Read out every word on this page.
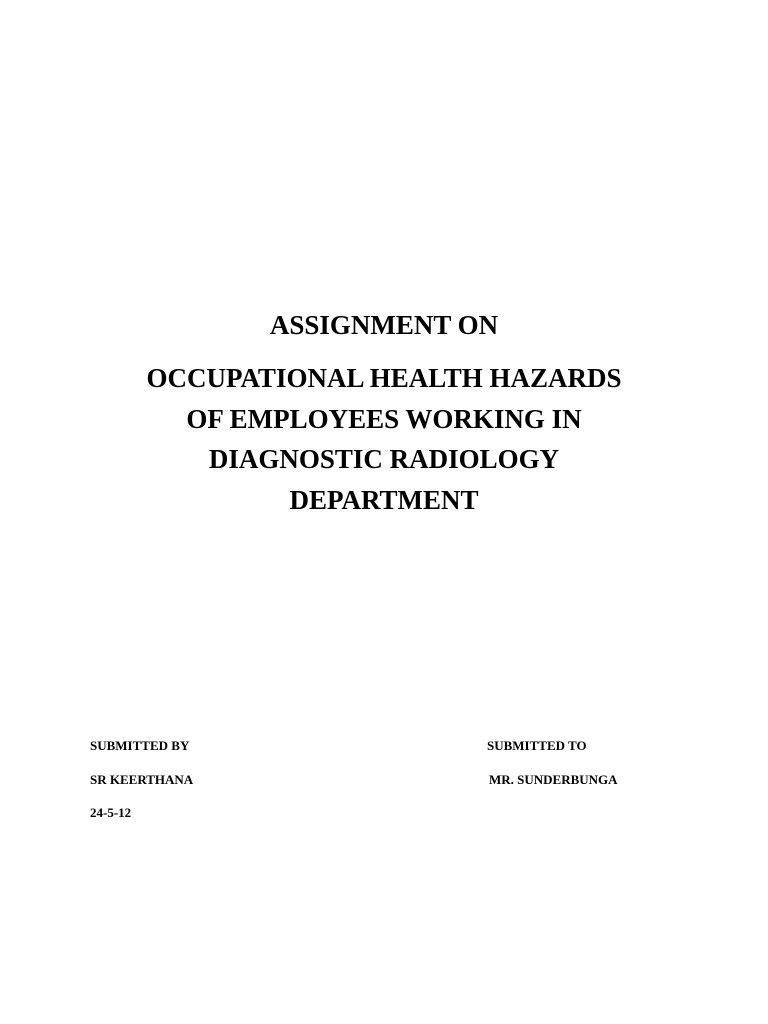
ASSIGNMENT ON
OCCUPATIONAL HEALTH HAZARDS
OF EMPLOYEES WORKING IN
DIAGNOSTIC RADIOLOGY
DEPARTMENT
SUBMITTED BY
SR KEERTHANA
24-5-12
SUBMITTED TO
MR. SUNDERBUNGA
